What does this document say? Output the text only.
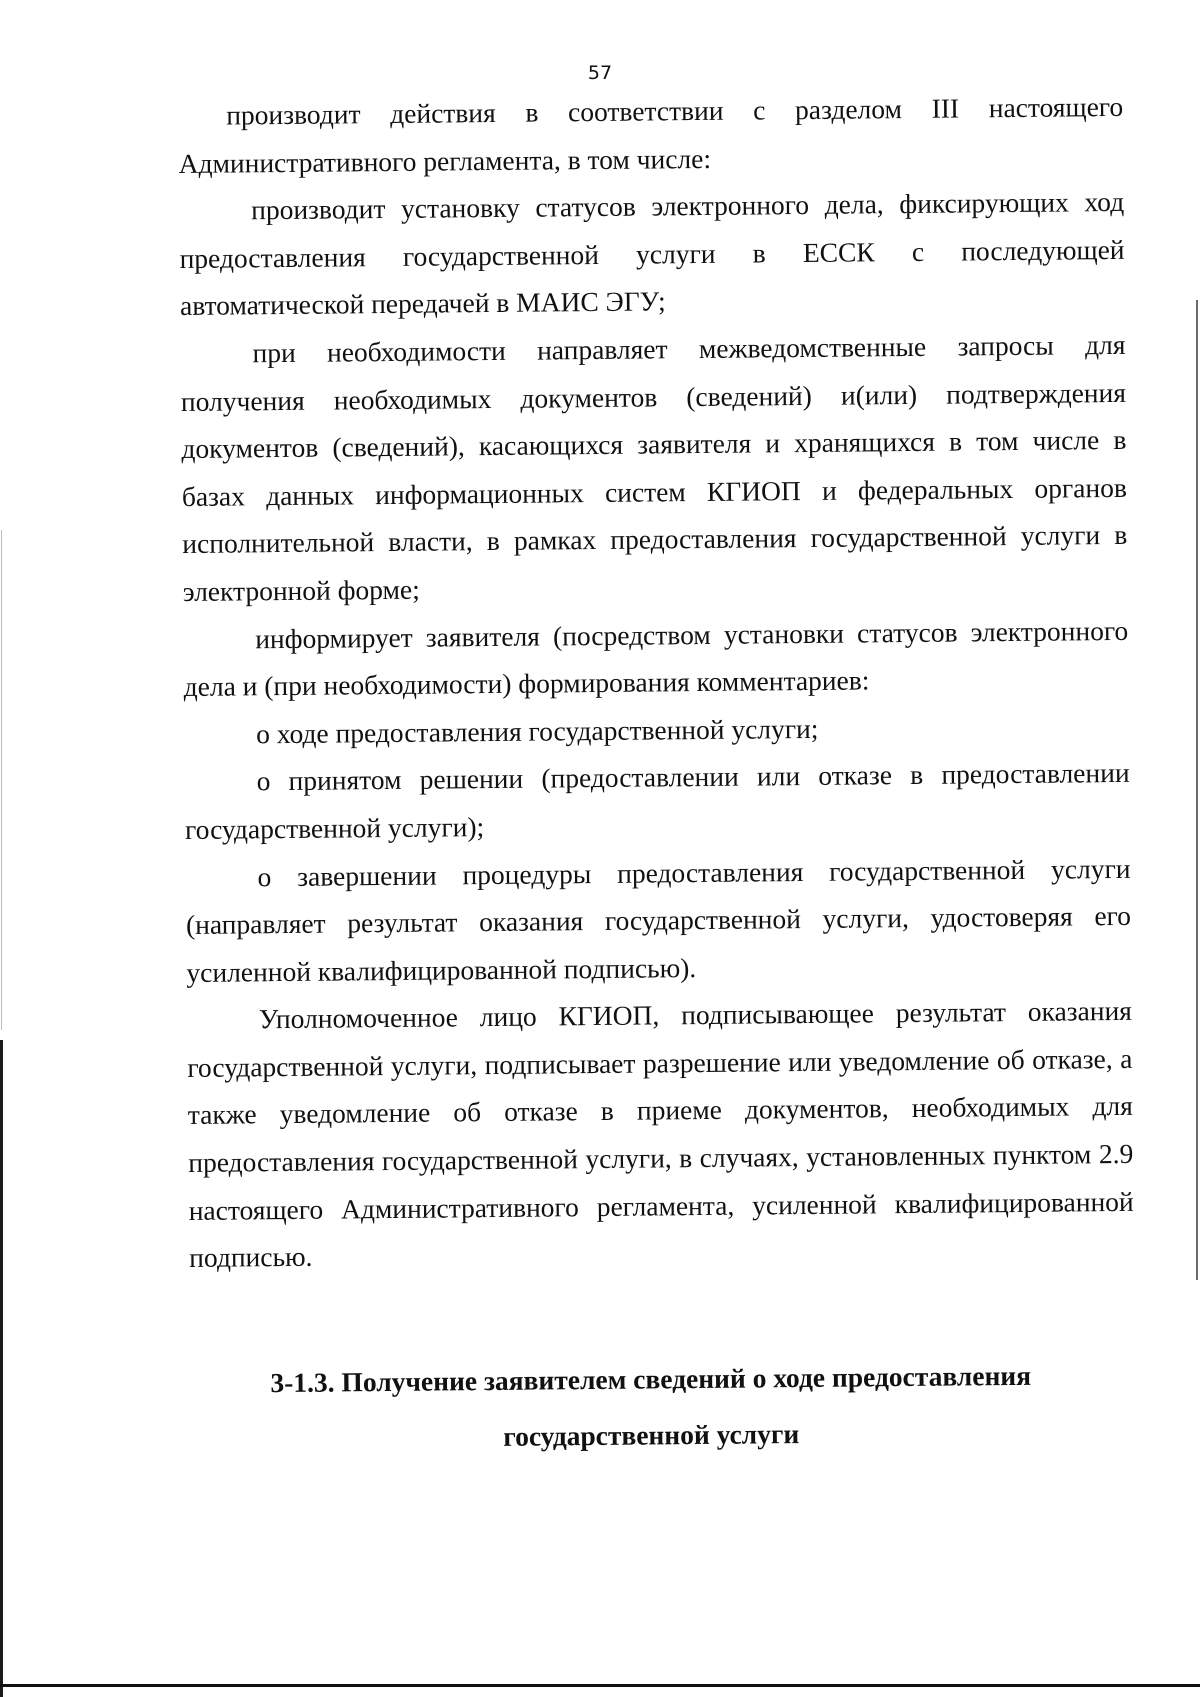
57

производит действия в соответствии с разделом III настоящего Административного регламента, в том числе:

производит установку статусов электронного дела, фиксирующих ход предоставления государственной услуги в ЕССК с последующей автоматической передачей в МАИС ЭГУ;

при необходимости направляет межведомственные запросы для получения необходимых документов (сведений) и(или) подтверждения документов (сведений), касающихся заявителя и хранящихся в том числе в базах данных информационных систем КГИОП и федеральных органов исполнительной власти, в рамках предоставления государственной услуги в электронной форме;

информирует заявителя (посредством установки статусов электронного дела и (при необходимости) формирования комментариев:

о ходе предоставления государственной услуги;

о принятом решении (предоставлении или отказе в предоставлении государственной услуги);

о завершении процедуры предоставления государственной услуги (направляет результат оказания государственной услуги, удостоверяя его усиленной квалифицированной подписью).

Уполномоченное лицо КГИОП, подписывающее результат оказания государственной услуги, подписывает разрешение или уведомление об отказе, а также уведомление об отказе в приеме документов, необходимых для предоставления государственной услуги, в случаях, установленных пунктом 2.9 настоящего Административного регламента, усиленной квалифицированной подписью.

3-1.3. Получение заявителем сведений о ходе предоставления государственной услуги
